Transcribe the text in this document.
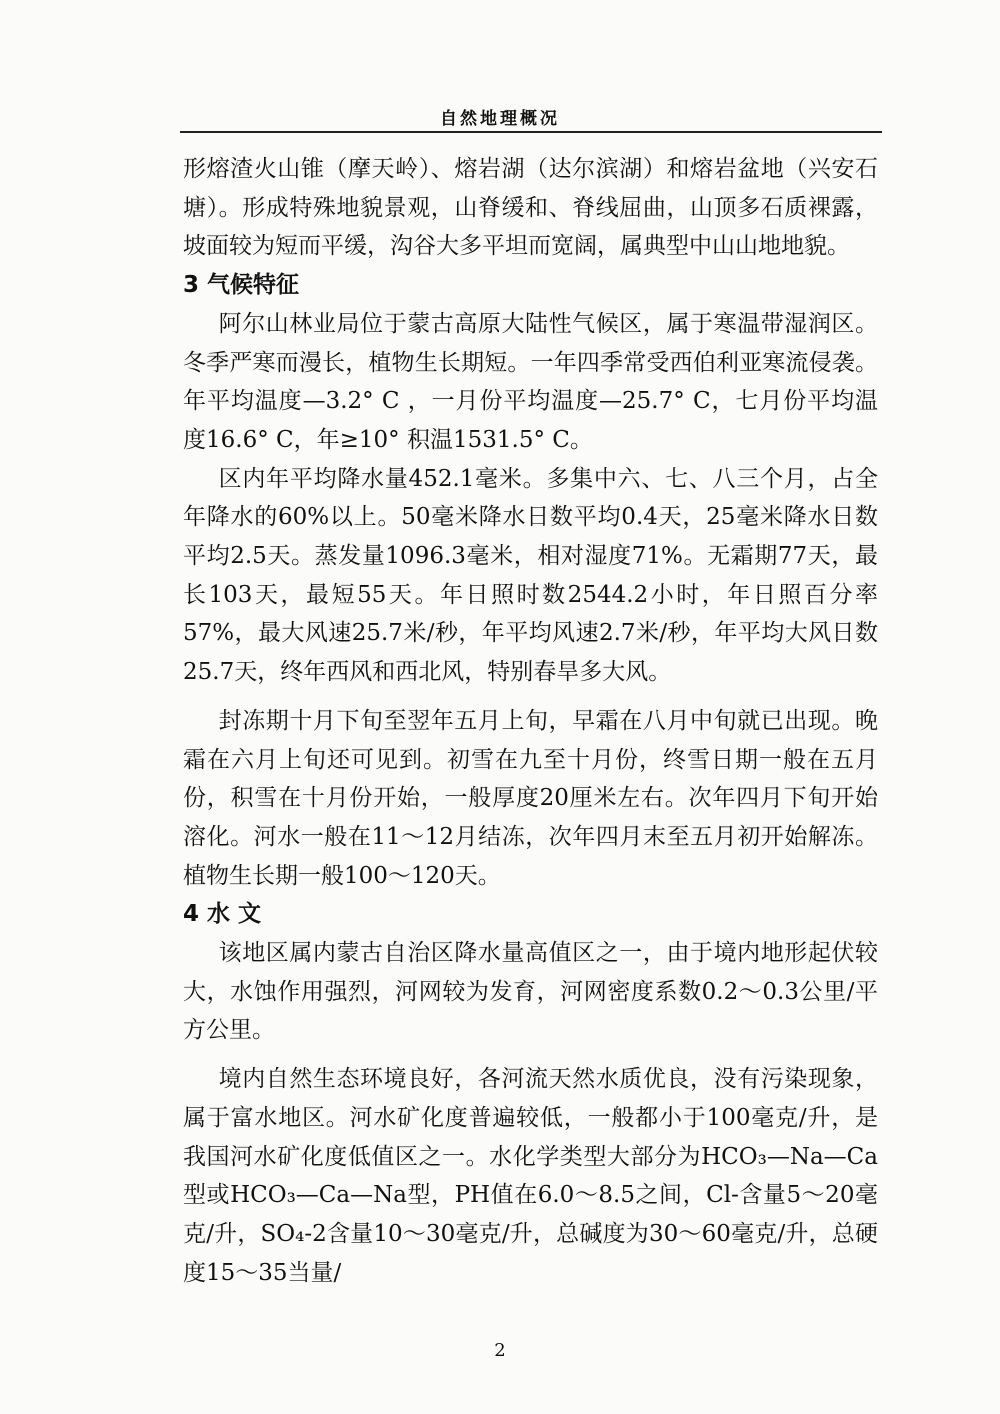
自然地理概况

形熔渣火山锥（摩天岭）、熔岩湖（达尔滨湖）和熔岩盆地（兴安石塘）。形成特殊地貌景观，山脊缓和、脊线屈曲，山顶多石质裸露，坡面较为短而平缓，沟谷大多平坦而宽阔，属典型中山山地地貌。

3 气候特征

阿尔山林业局位于蒙古高原大陆性气候区，属于寒温带湿润区。冬季严寒而漫长，植物生长期短。一年四季常受西伯利亚寒流侵袭。年平均温度—3.2° C ，一月份平均温度—25.7° C，七月份平均温度16.6° C，年≥10° 积温1531.5° C。

区内年平均降水量452.1毫米。多集中六、七、八三个月，占全年降水的60%以上。50毫米降水日数平均0.4天，25毫米降水日数平均2.5天。蒸发量1096.3毫米，相对湿度71%。无霜期77天，最长103天，最短55天。年日照时数2544.2小时，年日照百分率 57%，最大风速25.7米/秒，年平均风速2.7米/秒，年平均大风日数 25.7天，终年西风和西北风，特别春旱多大风。

封冻期十月下旬至翌年五月上旬，早霜在八月中旬就已出现。晚霜在六月上旬还可见到。初雪在九至十月份，终雪日期一般在五月份，积雪在十月份开始，一般厚度20厘米左右。次年四月下旬开始溶化。河水一般在11～12月结冻，次年四月末至五月初开始解冻。植物生长期一般100～120天。

4 水 文

该地区属内蒙古自治区降水量高值区之一，由于境内地形起伏较大，水蚀作用强烈，河网较为发育，河网密度系数0.2～0.3公里/平方公里。

境内自然生态环境良好，各河流天然水质优良，没有污染现象，属于富水地区。河水矿化度普遍较低，一般都小于100毫克/升，是我国河水矿化度低值区之一。水化学类型大部分为HCO₃—Na—Ca型或HCO₃—Ca—Na型，PH值在6.0～8.5之间，Cl-含量5～20毫克/升，SO₄-2含量10～30毫克/升，总碱度为30～60毫克/升，总硬度15～35当量/

2
